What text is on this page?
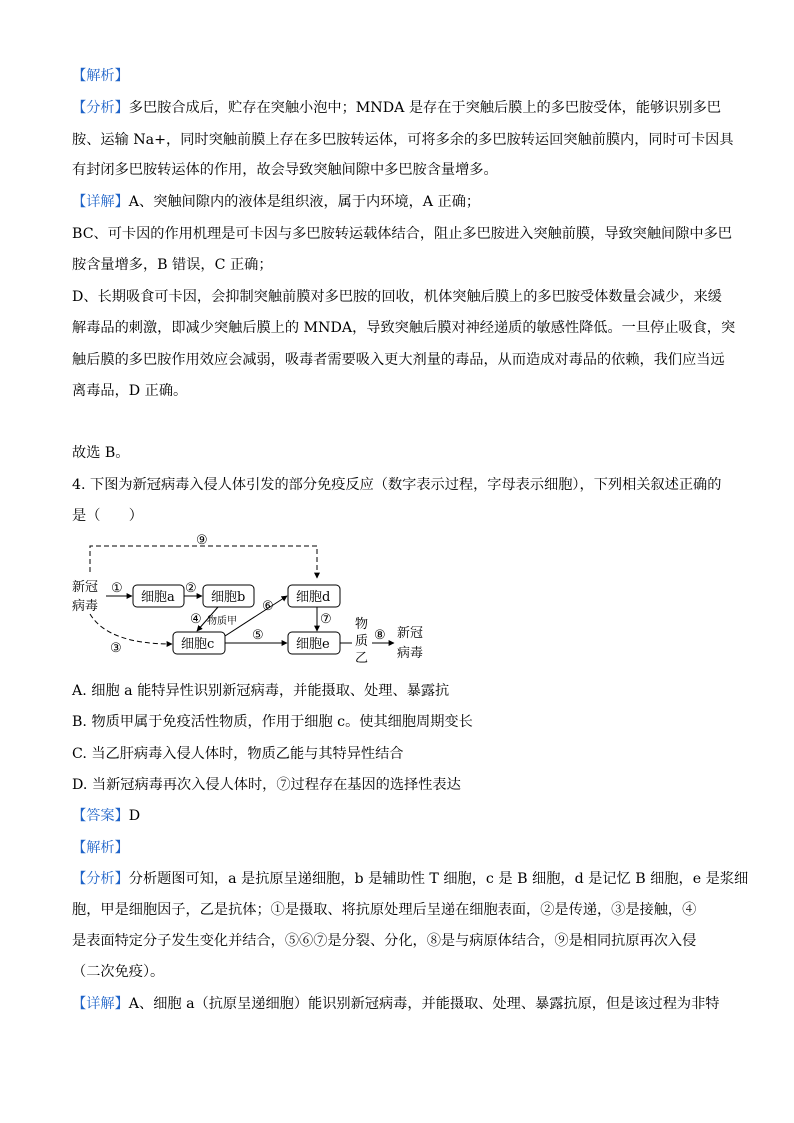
【解析】
【分析】多巴胺合成后，贮存在突触小泡中；MNDA 是存在于突触后膜上的多巴胺受体，能够识别多巴
胺、运输 Na+，同时突触前膜上存在多巴胺转运体，可将多余的多巴胺转运回突触前膜内，同时可卡因具
有封闭多巴胺转运体的作用，故会导致突触间隙中多巴胺含量增多。
【详解】A、突触间隙内的液体是组织液，属于内环境，A 正确；
BC、可卡因的作用机理是可卡因与多巴胺转运载体结合，阻止多巴胺进入突触前膜，导致突触间隙中多巴
胺含量增多，B 错误，C 正确；
D、长期吸食可卡因，会抑制突触前膜对多巴胺的回收，机体突触后膜上的多巴胺受体数量会减少，来缓
解毒品的刺激，即减少突触后膜上的 MNDA，导致突触后膜对神经递质的敏感性降低。一旦停止吸食，突
触后膜的多巴胺作用效应会减弱，吸毒者需要吸入更大剂量的毒品，从而造成对毒品的依赖，我们应当远
离毒品，D 正确。
故选 B。
4. 下图为新冠病毒入侵人体引发的部分免疫反应（数字表示过程，字母表示细胞），下列相关叙述正确的
是（　　）
⑨
新冠
病毒
①
细胞a
②
细胞b
④ 物质甲
③	细胞c
⑥
⑤
细胞d
⑦
细胞e
物
质
乙
⑧ 新冠
病毒
A. 细胞 a 能特异性识别新冠病毒，并能摄取、处理、暴露抗
B. 物质甲属于免疫活性物质，作用于细胞 c。使其细胞周期变长
C. 当乙肝病毒入侵人体时，物质乙能与其特异性结合
D. 当新冠病毒再次入侵人体时，⑦过程存在基因的选择性表达
【答案】D
【解析】
【分析】分析题图可知，a 是抗原呈递细胞，b 是辅助性 T 细胞，c 是 B 细胞，d 是记忆 B 细胞，e 是浆细
胞，甲是细胞因子，乙是抗体；①是摄取、将抗原处理后呈递在细胞表面，②是传递，③是接触，④
是表面特定分子发生变化并结合，⑤⑥⑦是分裂、分化，⑧是与病原体结合，⑨是相同抗原再次入侵
（二次免疫）。
【详解】A、细胞 a（抗原呈递细胞）能识别新冠病毒，并能摄取、处理、暴露抗原，但是该过程为非特
